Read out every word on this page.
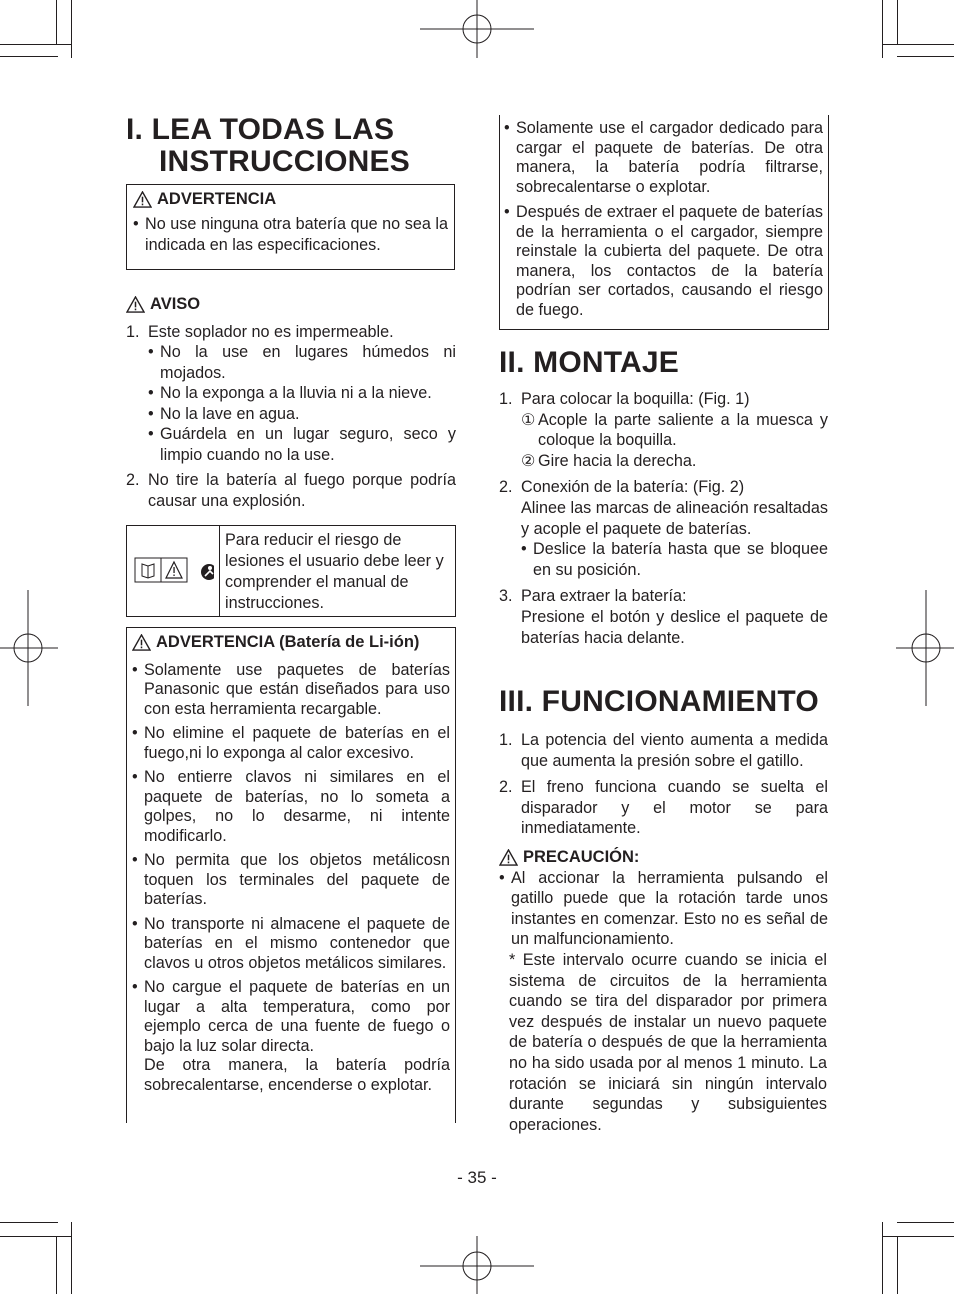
I. LEA TODAS LAS
INSTRUCCIONES
ADVERTENCIA
• No use ninguna otra batería que no sea la indicada en las especificaciones.
AVISO
1. Este soplador no es impermeable.
• No la use en lugares húmedos ni mojados.
• No la exponga a la lluvia ni a la nieve.
• No la lave en agua.
• Guárdela en un lugar seguro, seco y limpio cuando no la use.
2. No tire la batería al fuego porque podría causar una explosión.
Para reducir el riesgo de lesiones el usuario debe leer y comprender el manual de instrucciones.
ADVERTENCIA (Batería de Li-ión)
• Solamente use paquetes de baterías Panasonic que están diseñados para uso con esta herramienta recargable.
• No elimine el paquete de baterías en el fuego,ni lo exponga al calor excesivo.
• No entierre clavos ni similares en el paquete de baterías, no lo someta a golpes, no lo desarme, ni intente modificarlo.
• No permita que los objetos metálicosn toquen los terminales del paquete de baterías.
• No transporte ni almacene el paquete de baterías en el mismo contenedor que clavos u otros objetos metálicos similares.
• No cargue el paquete de baterías en un lugar a alta temperatura, como por ejemplo cerca de una fuente de fuego o bajo la luz solar directa.
De otra manera, la batería podría sobrecalentarse, encenderse o explotar.
• Solamente use el cargador dedicado para cargar el paquete de baterías. De otra manera, la batería podría filtrarse, sobrecalentarse o explotar.
• Después de extraer el paquete de baterías de la herramienta o el cargador, siempre reinstale la cubierta del paquete. De otra manera, los contactos de la batería podrían ser cortados, causando el riesgo de fuego.
II. MONTAJE
1. Para colocar la boquilla: (Fig. 1)
① Acople la parte saliente a la muesca y coloque la boquilla.
② Gire hacia la derecha.
2. Conexión de la batería: (Fig. 2)

Alinee las marcas de alineación resaltadas y acople el paquete de baterías.

• Deslice la batería hasta que se bloquee en su posición.
3. Para extraer la batería:

Presione el botón y deslice el paquete de baterías hacia delante.

III. FUNCIONAMIENTO
1. La potencia del viento aumenta a medida que aumenta la presión sobre el gatillo.
2. El freno funciona cuando se suelta el disparador y el motor se para inmediatamente.
PRECAUCIÓN:
• Al accionar la herramienta pulsando el gatillo puede que la rotación tarde unos instantes en comenzar. Esto no es señal de un malfuncionamiento.
* Este intervalo ocurre cuando se inicia el sistema de circuitos de la herramienta cuando se tira del disparador por primera vez después de instalar un nuevo paquete de batería o después de que la herramienta no ha sido usada por al menos 1 minuto. La rotación se iniciará sin ningún intervalo durante segundas y subsiguientes operaciones.
- 35 -
